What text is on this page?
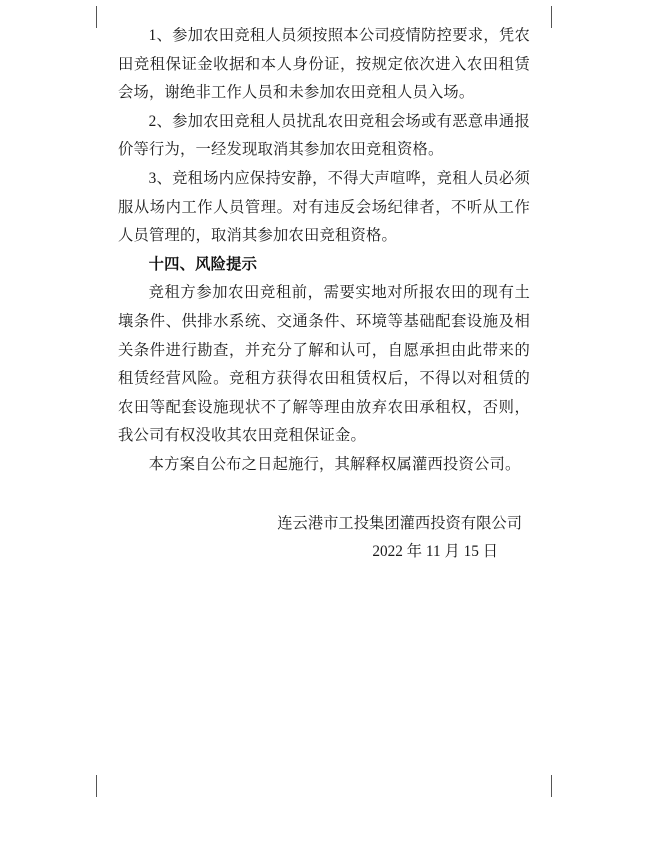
1、参加农田竞租人员须按照本公司疫情防控要求，凭农田竞租保证金收据和本人身份证，按规定依次进入农田租赁会场，谢绝非工作人员和未参加农田竞租人员入场。

2、参加农田竞租人员扰乱农田竞租会场或有恶意串通报价等行为，一经发现取消其参加农田竞租资格。

3、竞租场内应保持安静，不得大声喧哗，竞租人员必须服从场内工作人员管理。对有违反会场纪律者，不听从工作人员管理的，取消其参加农田竞租资格。

十四、风险提示

竞租方参加农田竞租前，需要实地对所报农田的现有土壤条件、供排水系统、交通条件、环境等基础配套设施及相关条件进行勘查，并充分了解和认可，自愿承担由此带来的租赁经营风险。竞租方获得农田租赁权后，不得以对租赁的农田等配套设施现状不了解等理由放弃农田承租权，否则，我公司有权没收其农田竞租保证金。

本方案自公布之日起施行，其解释权属灌西投资公司。

连云港市工投集团灌西投资有限公司
2022 年 11 月 15 日
